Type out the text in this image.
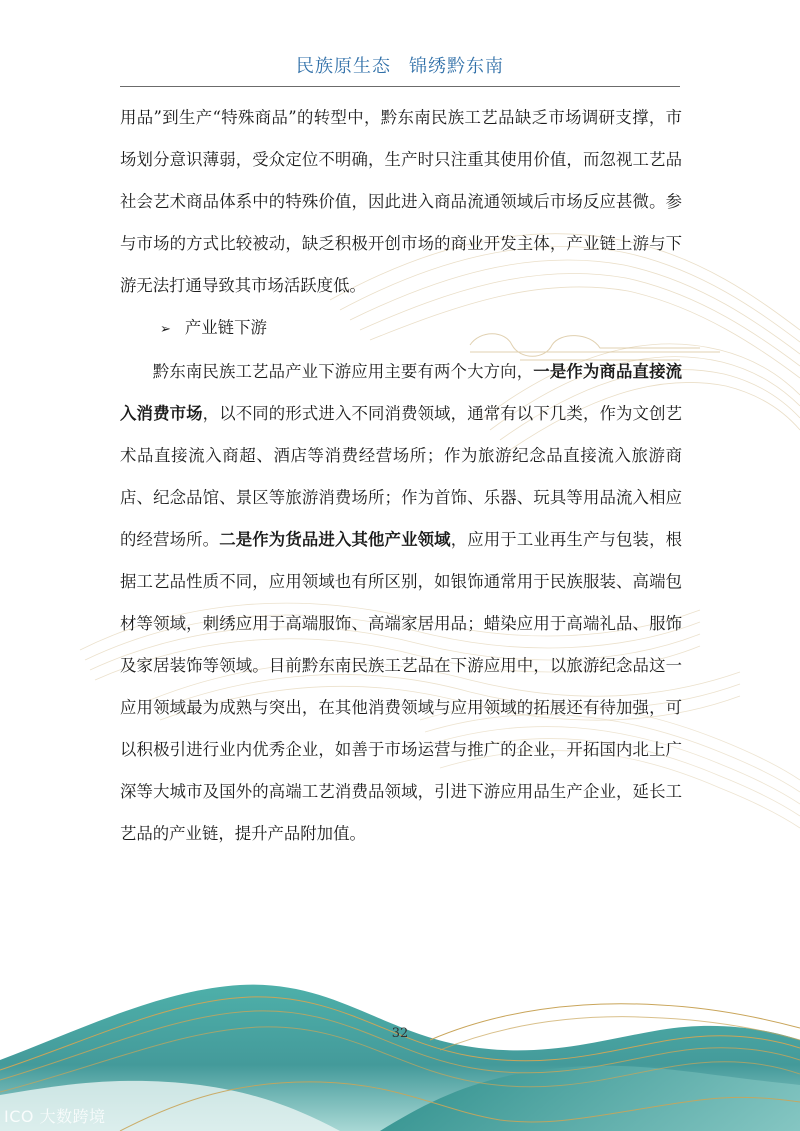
民族原生态 锦绣黔东南

用品”到生产“特殊商品”的转型中，黔东南民族工艺品缺乏市场调研支撑，市场划分意识薄弱，受众定位不明确，生产时只注重其使用价值，而忽视工艺品社会艺术商品体系中的特殊价值，因此进入商品流通领域后市场反应甚微。参与市场的方式比较被动，缺乏积极开创市场的商业开发主体，产业链上游与下游无法打通导致其市场活跃度低。

➢ 产业链下游

黔东南民族工艺品产业下游应用主要有两个大方向，一是作为商品直接流入消费市场，以不同的形式进入不同消费领域，通常有以下几类，作为文创艺术品直接流入商超、酒店等消费经营场所；作为旅游纪念品直接流入旅游商店、纪念品馆、景区等旅游消费场所；作为首饰、乐器、玩具等用品流入相应的经营场所。二是作为货品进入其他产业领域，应用于工业再生产与包装，根据工艺品性质不同，应用领域也有所区别，如银饰通常用于民族服装、高端包材等领域，刺绣应用于高端服饰、高端家居用品；蜡染应用于高端礼品、服饰及家居装饰等领域。目前黔东南民族工艺品在下游应用中，以旅游纪念品这一应用领域最为成熟与突出，在其他消费领域与应用领域的拓展还有待加强，可以积极引进行业内优秀企业，如善于市场运营与推广的企业，开拓国内北上广深等大城市及国外的高端工艺消费品领域，引进下游应用品生产企业，延长工艺品的产业链，提升产品附加值。

32
ICO 大数跨境
